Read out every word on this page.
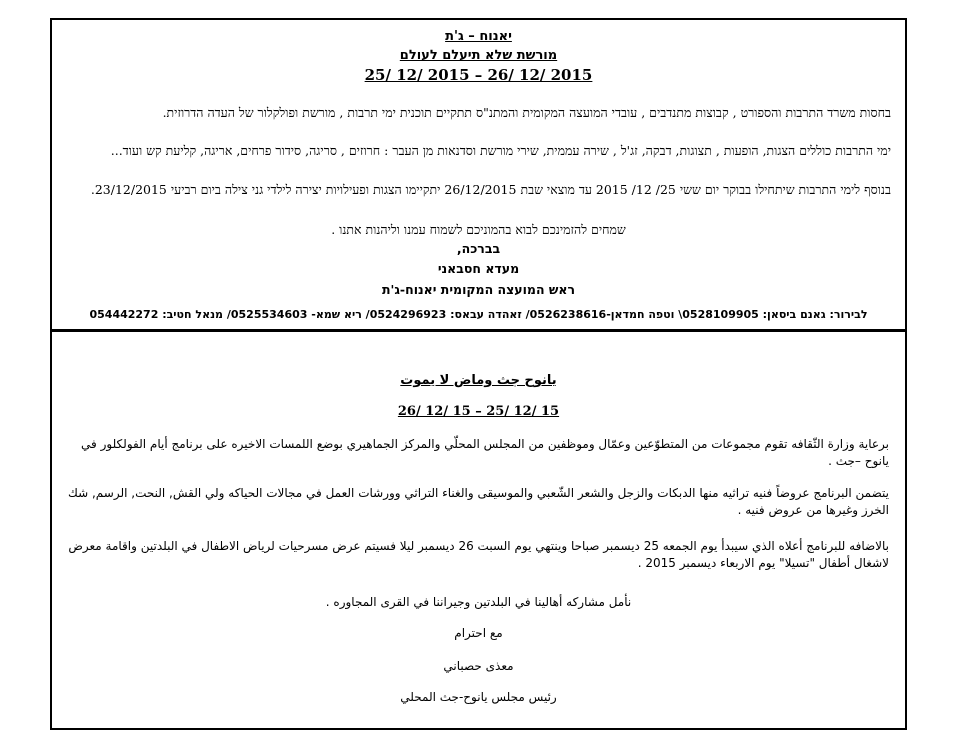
יאנוח – ג'ת
מורשת שלא תיעלם לעולם
25/ 12/ 2015 – 26/ 12/ 2015

בחסות משרד התרבות והספורט , קבוצות מתנדבים , עובדי המועצה המקומית והמתנ"ס תתקיים תוכנית ימי תרבות , מורשת ופולקלור של העדה הדרוזית.

ימי התרבות כוללים הצגות, הופעות , תצוגות, דבקה, זג'ל , שירה עממית, שירי מורשת וסדנאות מן העבר : חרוזים , סריגה, סידור פרחים, אריגה, קליעת קש ועוד...

בנוסף לימי התרבות שיתחילו בבוקר יום ששי 25/ 12/ 2015 עד מוצאי שבת 26/12/2015 יתקיימו הצגות ופעילויות יצירה לילדי גני צילה ביום רביעי 23/12/2015.

שמחים להזמינכם לבוא בהמוניכם לשמוח עמנו וליהנות אתנו .
בברכה,
מעדא חסבאני
ראש המועצה המקומית יאנוח-ג'ת
לבירור: גאנם ביסאן: 0528109905\ וטפה חמדאן-0526238616/ זאהדה עבאס: 0524296923/ ריא שמא- 0525534603/ מנאל חטיב: 054442272
يانوح جث وماض لا يموت
26/ 12/ 15 – 25/ 12/ 15

برعاية وزارة الثّقافه تقوم مجموعات من المتطوّعين وعمّال وموظفين من المجلس المحلّي والمركز الجماهيري بوضع اللمسات الاخيره على برنامج أيام الفولكلور في يانوح –جث .

يتضمن البرنامج عروضاً فنيه تراثيه منها الدبكات والزجل والشعر الشّعبي والموسيقى والغناء التراثي وورشات العمل في مجالات الحياكه ولي القش, النحت, الرسم, شك الخرز وغيرها من عروض فنيه .

بالاضافه للبرنامج أعلاه الذي سيبدأ يوم الجمعه 25 ديسمبر صباحا وينتهي يوم السبت 26 ديسمبر ليلا فسيتم عرض مسرحيات لرياض الاطفال في البلدتين واقامة معرض لاشغال أطفال "تسيلا" يوم الاربعاء ديسمبر 2015 .

نأمل مشاركه أهالينا في البلدتين وجيراننا في القرى المجاوره .
مع احترام
معذى حصباني
رئيس مجلس يانوح-جث المحلي
